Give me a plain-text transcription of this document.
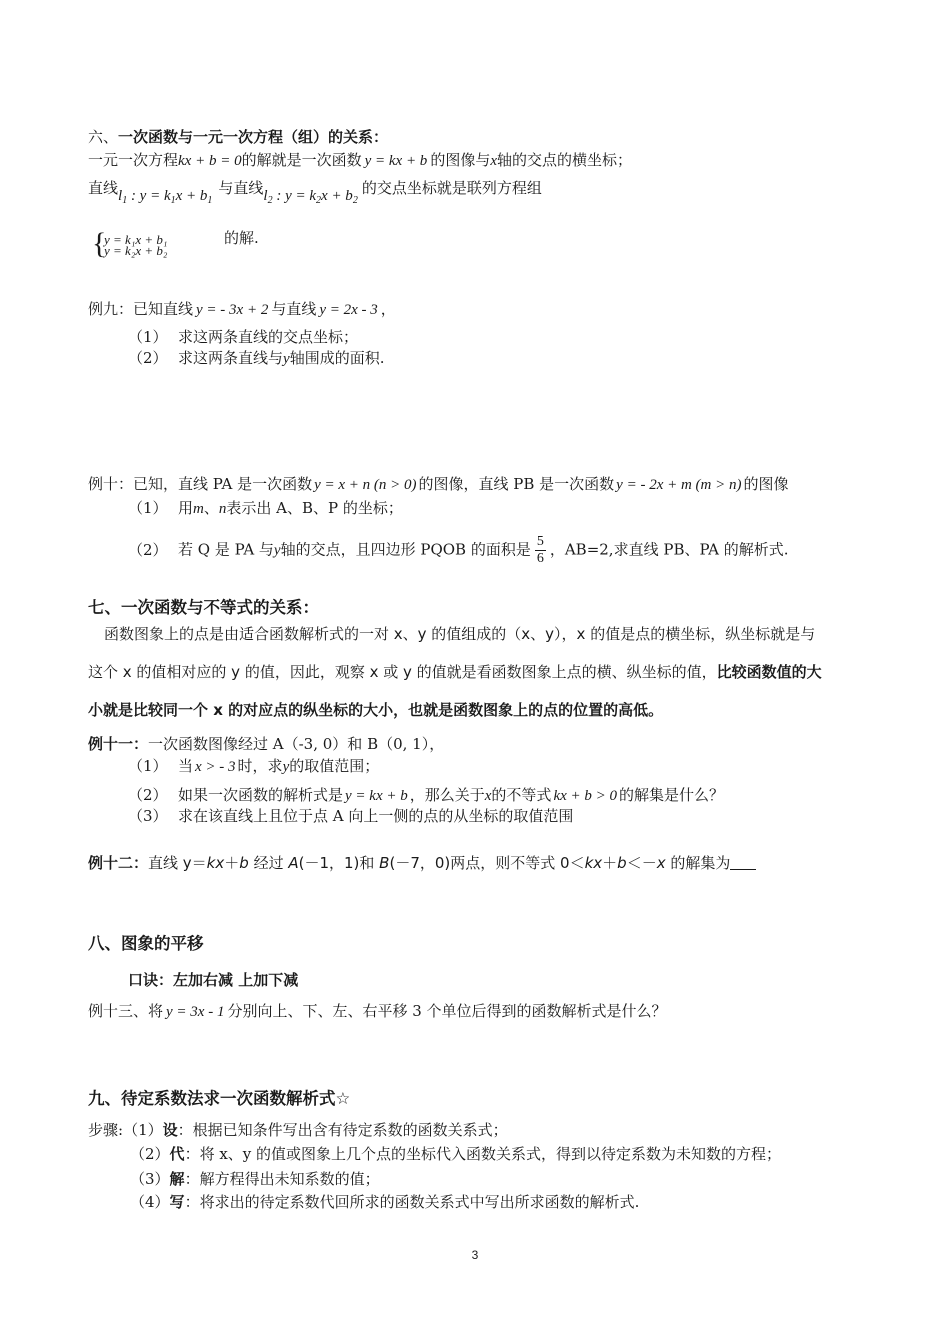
六、一次函数与一元一次方程（组）的关系：
一元一次方程kx + b = 0的解就是一次函数 y = kx + b 的图像与x轴的交点的横坐标；
直线$l_1$ : $y = k_1x + b_1$与直线$l_2$ : $y = k_2x + b_2$的交点坐标就是联列方程组
{
y = k₁x + b₁
y = k₂x + b₂
的解.
例九：已知直线 y = - 3x + 2 与直线 y = 2x - 3 ，
（1） 求这两条直线的交点坐标；
（2） 求这两条直线与y轴围成的面积.
例十：已知，直线 PA 是一次函数 y = x + n (n > 0) 的图像，直线 PB 是一次函数 y = - 2x + m (m > n) 的图像
（1） 用m、n表示出 A、B、P 的坐标；
（2） 若 Q 是 PA 与y轴的交点，且四边形 PQOB 的面积是 $\frac{5}{6}$ ，AB=2,求直线 PB、PA 的解析式.
七、一次函数与不等式的关系：
函数图象上的点是由适合函数解析式的一对 x、y 的值组成的（x、y），x 的值是点的横坐标，纵坐标就是与
这个 x 的值相对应的 y 的值，因此，观察 x 或 y 的值就是看函数图象上点的横、纵坐标的值，比较函数值的大
小就是比较同一个 x 的对应点的纵坐标的大小，也就是函数图象上的点的位置的高低。
例十一：一次函数图像经过 A（-3, 0）和 B（0, 1），
（1） 当 x > - 3 时，求y的取值范围；
（2） 如果一次函数的解析式是 y = kx + b ，那么关于x的不等式 kx + b > 0 的解集是什么？
（3） 求在该直线上且位于点 A 向上一侧的点的从坐标的取值范围
例十二：直线 y＝kx＋b 经过 A(－1，1)和 B(－7，0)两点，则不等式 0＜kx＋b＜－x 的解集为
八、图象的平移
口诀：左加右减 上加下减
例十三、将 y = 3x - 1 分别向上、下、左、右平移 3 个单位后得到的函数解析式是什么？
九、待定系数法求一次函数解析式☆
步骤:（1）设：根据已知条件写出含有待定系数的函数关系式；
（2）代：将 x、y 的值或图象上几个点的坐标代入函数关系式，得到以待定系数为未知数的方程；
（3）解：解方程得出未知系数的值；
（4）写：将求出的待定系数代回所求的函数关系式中写出所求函数的解析式.
3
